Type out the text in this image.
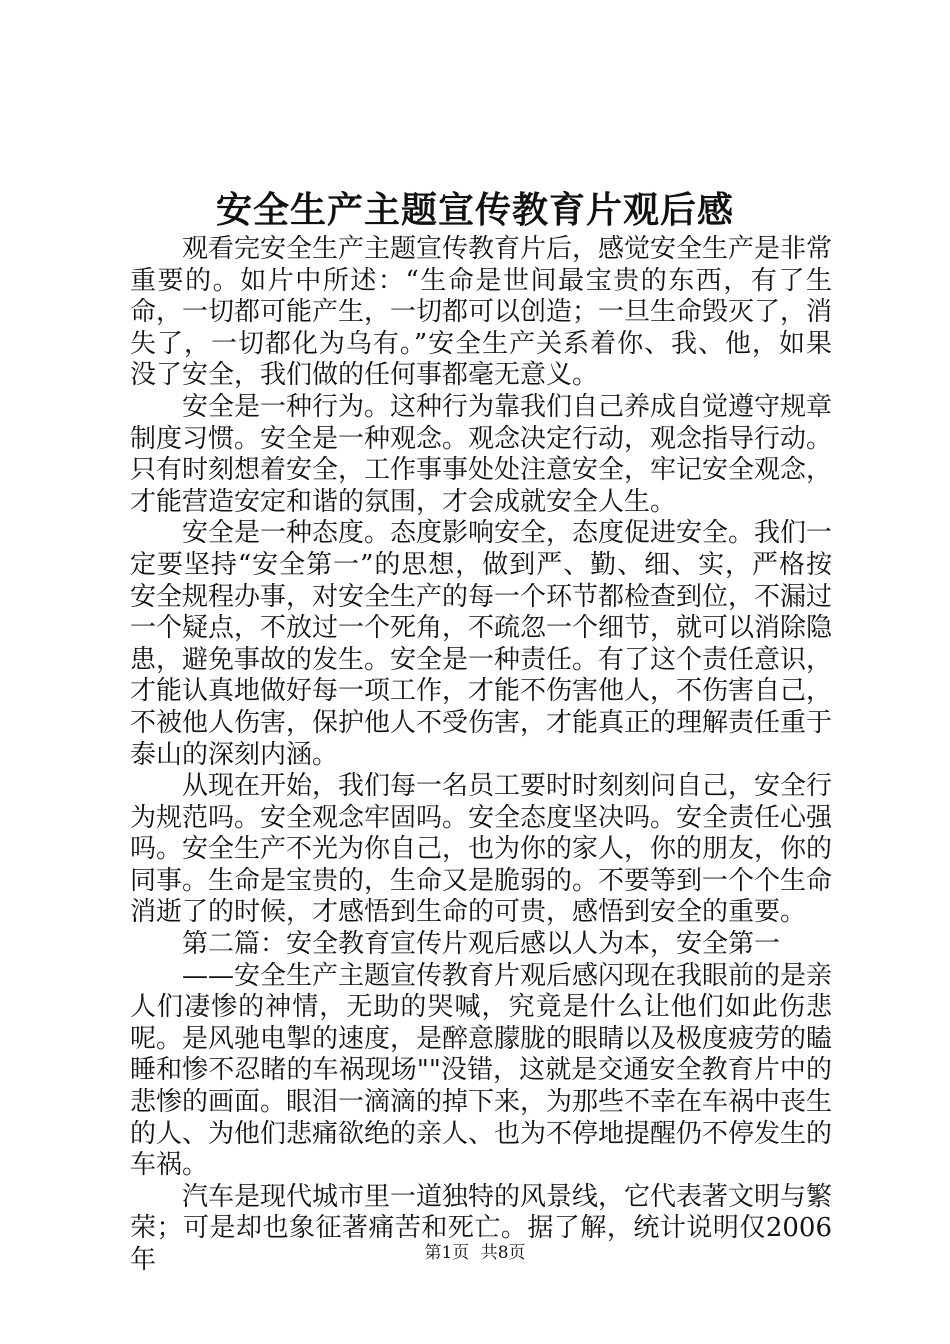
安全生产主题宣传教育片观后感

观看完安全生产主题宣传教育片后，感觉安全生产是非常重要的。如片中所述：“生命是世间最宝贵的东西，有了生命，一切都可能产生，一切都可以创造；一旦生命毁灭了，消失了，一切都化为乌有。”安全生产关系着你、我、他，如果没了安全，我们做的任何事都毫无意义。

安全是一种行为。这种行为靠我们自己养成自觉遵守规章制度习惯。安全是一种观念。观念决定行动，观念指导行动。只有时刻想着安全，工作事事处处注意安全，牢记安全观念，才能营造安定和谐的氛围，才会成就安全人生。

安全是一种态度。态度影响安全，态度促进安全。我们一定要坚持“安全第一”的思想，做到严、勤、细、实，严格按安全规程办事，对安全生产的每一个环节都检查到位，不漏过一个疑点，不放过一个死角，不疏忽一个细节，就可以消除隐患，避免事故的发生。安全是一种责任。有了这个责任意识，才能认真地做好每一项工作，才能不伤害他人，不伤害自己，不被他人伤害，保护他人不受伤害，才能真正的理解责任重于泰山的深刻内涵。

从现在开始，我们每一名员工要时时刻刻问自己，安全行为规范吗。安全观念牢固吗。安全态度坚决吗。安全责任心强吗。安全生产不光为你自己，也为你的家人，你的朋友，你的同事。生命是宝贵的，生命又是脆弱的。不要等到一个个生命消逝了的时候，才感悟到生命的可贵，感悟到安全的重要。

第二篇：安全教育宣传片观后感以人为本，安全第一

——安全生产主题宣传教育片观后感闪现在我眼前的是亲人们凄惨的神情，无助的哭喊，究竟是什么让他们如此伤悲呢。是风驰电掣的速度，是醉意朦胧的眼睛以及极度疲劳的瞌睡和惨不忍睹的车祸现场""没错，这就是交通安全教育片中的悲惨的画面。眼泪一滴滴的掉下来，为那些不幸在车祸中丧生的人、为他们悲痛欲绝的亲人、也为不停地提醒仍不停发生的车祸。

汽车是现代城市里一道独特的风景线，它代表著文明与繁荣；可是却也象征著痛苦和死亡。据了解，统计说明仅2006年	第1页 共8页
